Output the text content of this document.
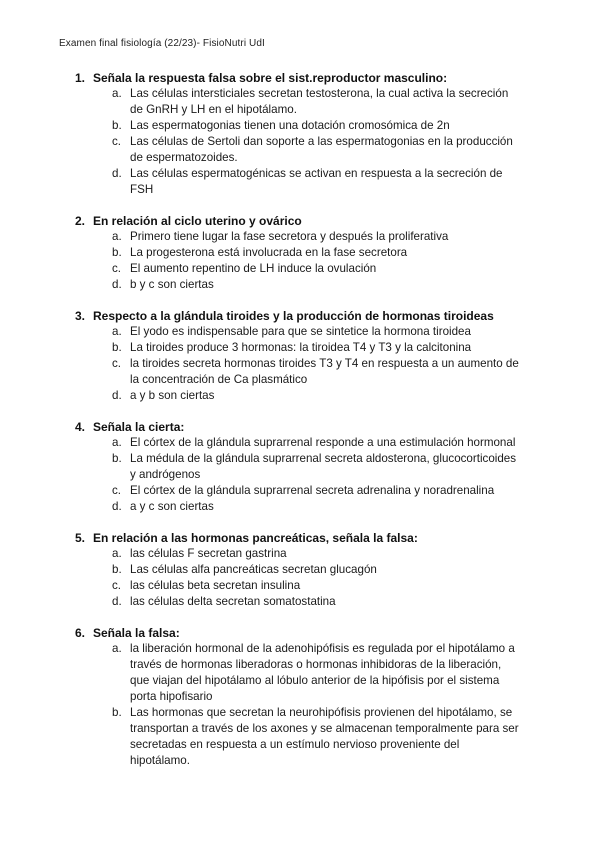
Examen final fisiología (22/23)- FisioNutri UdI
1. Señala la respuesta falsa sobre el sist.reproductor masculino:
a. Las células intersticiales secretan testosterona, la cual activa la secreción de GnRH y LH en el hipotálamo.
b. Las espermatogonias tienen una dotación cromosómica de 2n
c. Las células de Sertoli dan soporte a las espermatogonias en la producción de espermatozoides.
d. Las células espermatogénicas se activan en respuesta a la secreción de FSH
2. En relación al ciclo uterino y ovárico
a. Primero tiene lugar la fase secretora y después la proliferativa
b. La progesterona está involucrada en la fase secretora
c. El aumento repentino de LH induce la ovulación
d. b y c son ciertas
3. Respecto a la glándula tiroides y la producción de hormonas tiroideas
a. El yodo es indispensable para que se sintetice la hormona tiroidea
b. La tiroides produce 3 hormonas: la tiroidea T4 y T3 y la calcitonina
c. la tiroides secreta hormonas tiroides T3 y T4 en respuesta a un aumento de la concentración de Ca plasmático
d. a y b son ciertas
4. Señala la cierta:
a. El córtex de la glándula suprarrenal responde a una estimulación hormonal
b. La médula de la glándula suprarrenal secreta aldosterona, glucocorticoides y andrógenos
c. El córtex de la glándula suprarrenal secreta adrenalina y noradrenalina
d. a y c son ciertas
5. En relación a las hormonas pancreáticas, señala la falsa:
a. las células F secretan gastrina
b. Las células alfa pancreáticas secretan glucagón
c. las células beta secretan insulina
d. las células delta secretan somatostatina
6. Señala la falsa:
a. la liberación hormonal de la adenohipófisis es regulada por el hipotálamo a través de hormonas liberadoras o hormonas inhibidoras de la liberación, que viajan del hipotálamo al lóbulo anterior de la hipófisis por el sistema porta hipofisario
b. Las hormonas que secretan la neurohipófisis provienen del hipotálamo, se transportan a través de los axones y se almacenan temporalmente para ser secretadas en respuesta a un estímulo nervioso proveniente del hipotálamo.
